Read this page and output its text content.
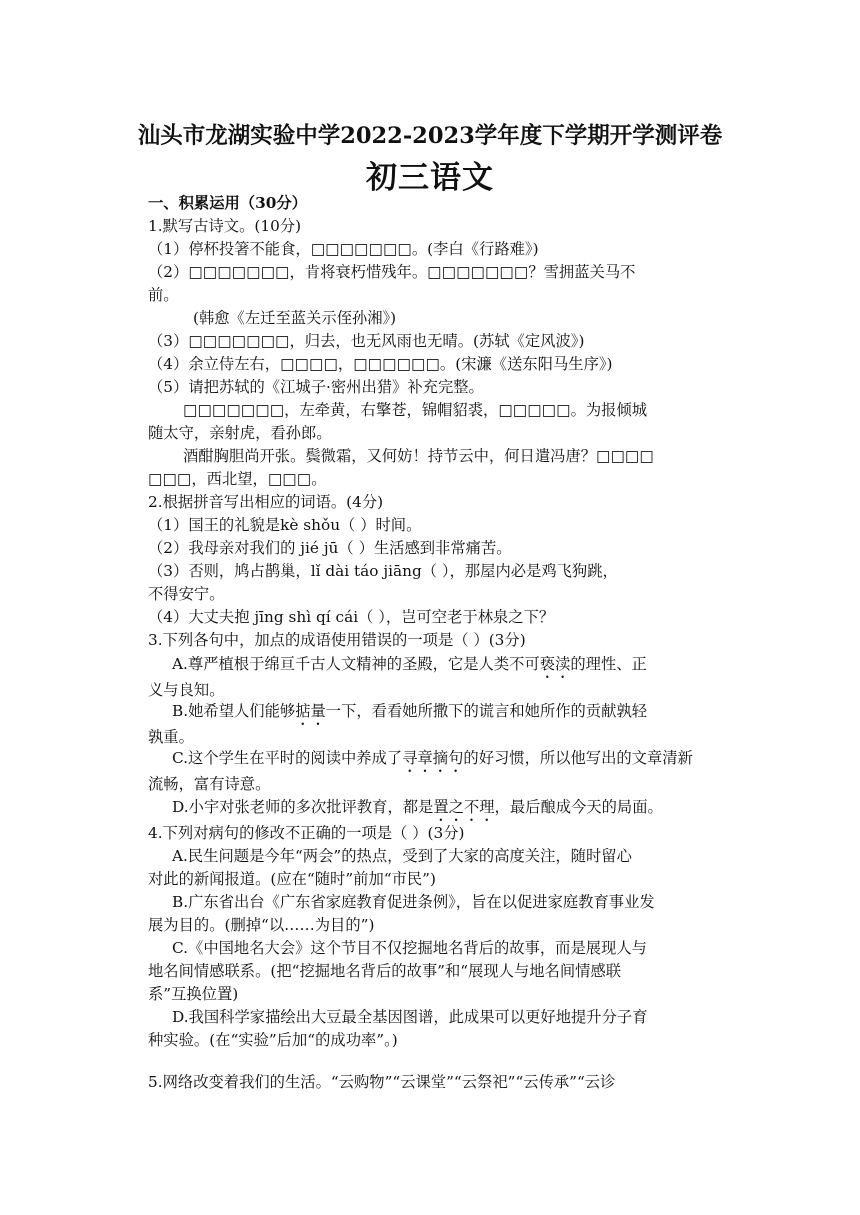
汕头市龙湖实验中学2022-2023学年度下学期开学测评卷
初三语文
一、积累运用（30分）
1.默写古诗文。(10分)
（1）停杯投箸不能食，□□□□□□□。(李白《行路难》)
（2）□□□□□□□，肯将衰朽惜残年。□□□□□□□？雪拥蓝关马不
前。
(韩愈《左迁至蓝关示侄孙湘》)
（3）□□□□□□□，归去，也无风雨也无晴。(苏轼《定风波》)
（4）余立侍左右，□□□□，□□□□□□。(宋濂《送东阳马生序》)
（5）请把苏轼的《江城子·密州出猎》补充完整。
□□□□□□□，左牵黄，右擎苍，锦帽貂裘，□□□□□。为报倾城
随太守，亲射虎，看孙郎。
酒酣胸胆尚开张。鬓微霜，又何妨！持节云中，何日遣冯唐？□□□□
□□□，西北望，□□□。
2.根据拼音写出相应的词语。(4分)
（1）国王的礼貌是kè shǒu（ ）时间。
（2）我母亲对我们的 jié jū（ ）生活感到非常痛苦。
（3）否则，鸠占鹊巢，lǐ dài táo jiāng（ ），那屋内必是鸡飞狗跳，
不得安宁。
（4）大丈夫抱 jīng shì qí cái（ ），岂可空老于林泉之下？
3.下列各句中，加点的成语使用错误的一项是（ ）(3分)
A.尊严植根于绵亘千古人文精神的圣殿，它是人类不可亵渎的理性、正
义与良知。
B.她希望人们能够掂量一下，看看她所撒下的谎言和她所作的贡献孰轻
孰重。
C.这个学生在平时的阅读中养成了寻章摘句的好习惯，所以他写出的文章清新
流畅，富有诗意。
D.小宇对张老师的多次批评教育，都是置之不理，最后酿成今天的局面。
4.下列对病句的修改不正确的一项是（ ）(3分)
A.民生问题是今年“两会”的热点，受到了大家的高度关注，随时留心
对此的新闻报道。(应在“随时”前加“市民”)
B.广东省出台《广东省家庭教育促进条例》，旨在以促进家庭教育事业发
展为目的。(删掉“以……为目的”)
C.《中国地名大会》这个节目不仅挖掘地名背后的故事，而是展现人与
地名间情感联系。(把“挖掘地名背后的故事”和“展现人与地名间情感联
系”互换位置)
D.我国科学家描绘出大豆最全基因图谱，此成果可以更好地提升分子育
种实验。(在“实验”后加“的成功率”。)
5.网络改变着我们的生活。“云购物”“云课堂”“云祭祀”“云传承”“云诊
